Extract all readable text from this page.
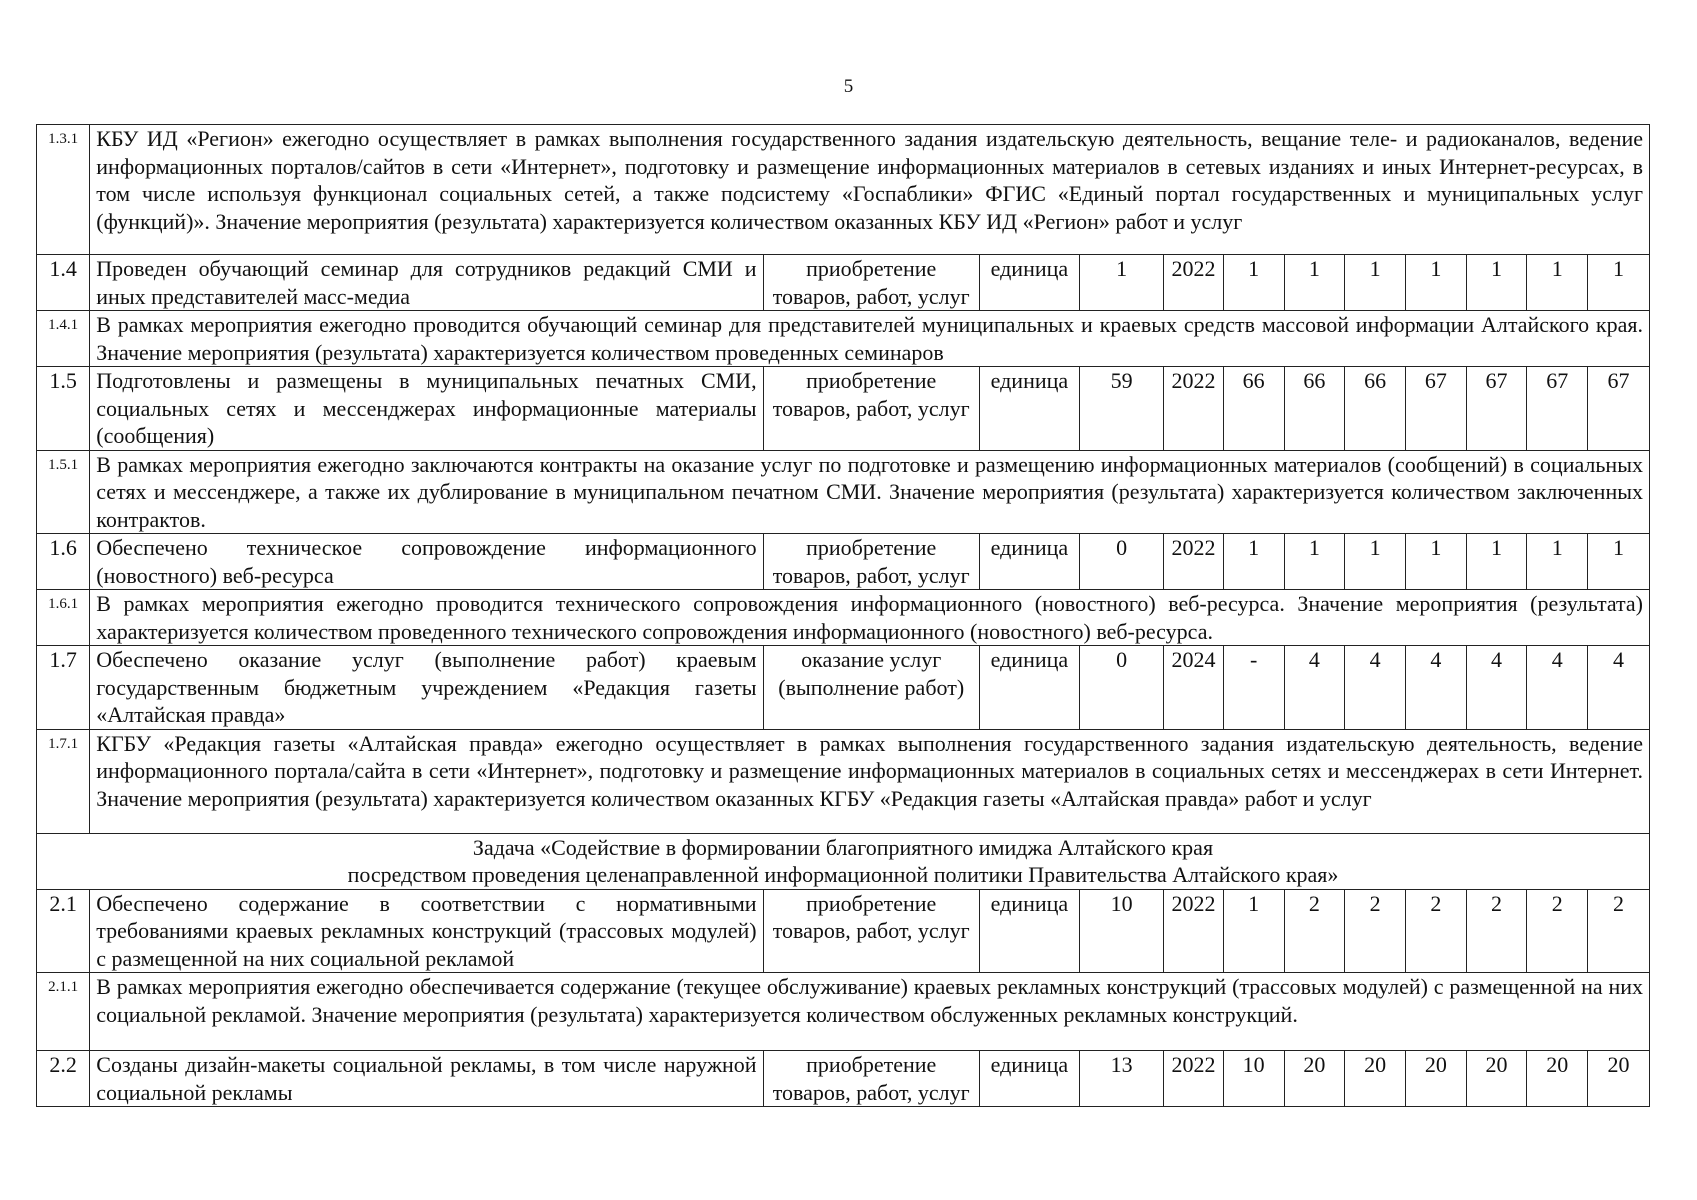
5
1.3.1	КБУ ИД «Регион» ежегодно осуществляет в рамках выполнения государственного задания издательскую деятельность, вещание теле- и радиоканалов, ведение информационных порталов/сайтов в сети «Интернет», подготовку и размещение информационных материалов в сетевых изданиях и иных Интернет-ресурсах, в том числе используя функционал социальных сетей, а также подсистему «Госпаблики» ФГИС «Единый портал государственных и муниципальных услуг (функций)». Значение мероприятия (результата) характеризуется количеством оказанных КБУ ИД «Регион» работ и услуг											
1.4	Проведен обучающий семинар для сотрудников редакций СМИ и иных представителей масс-медиа	приобретение товаров, работ, услуг	единица	1	2022	1	1	1	1	1	1	1
1.4.1	В рамках мероприятия ежегодно проводится обучающий семинар для представителей муниципальных и краевых средств массовой информации Алтайского края. Значение мероприятия (результата) характеризуется количеством проведенных семинаров											
1.5	Подготовлены и размещены в муниципальных печатных СМИ, социальных сетях и мессенджерах информационные материалы (сообщения)	приобретение товаров, работ, услуг	единица	59	2022	66	66	66	67	67	67	67
1.5.1	В рамках мероприятия ежегодно заключаются контракты на оказание услуг по подготовке и размещению информационных материалов (сообщений) в социальных сетях и мессенджере, а также их дублирование в муниципальном печатном СМИ. Значение мероприятия (результата) характеризуется количеством заключенных контрактов.											
1.6	Обеспечено техническое сопровождение информационного (новостного) веб-ресурса	приобретение товаров, работ, услуг	единица	0	2022	1	1	1	1	1	1	1
1.6.1	В рамках мероприятия ежегодно проводится технического сопровождения информационного (новостного) веб-ресурса. Значение мероприятия (результата) характеризуется количеством проведенного технического сопровождения информационного (новостного) веб-ресурса.											
1.7	Обеспечено оказание услуг (выполнение работ) краевым государственным бюджетным учреждением «Редакция газеты «Алтайская правда»	оказание услуг (выполнение работ)	единица	0	2024	-	4	4	4	4	4	4
1.7.1	КГБУ «Редакция газеты «Алтайская правда» ежегодно осуществляет в рамках выполнения государственного задания издательскую деятельность, ведение информационного портала/сайта в сети «Интернет», подготовку и размещение информационных материалов в социальных сетях и мессенджерах в сети Интернет. Значение мероприятия (результата) характеризуется количеством оказанных КГБУ «Редакция газеты «Алтайская правда» работ и услуг											

Задача «Содействие в формировании благоприятного имиджа Алтайского края
посредством проведения целенаправленной информационной политики Правительства Алтайского края»												

2.1	Обеспечено содержание в соответствии с нормативными требованиями краевых рекламных конструкций (трассовых модулей) с размещенной на них социальной рекламой	приобретение товаров, работ, услуг	единица	10	2022	1	2	2	2	2	2	2
2.1.1	В рамках мероприятия ежегодно обеспечивается содержание (текущее обслуживание) краевых рекламных конструкций (трассовых модулей) с размещенной на них социальной рекламой. Значение мероприятия (результата) характеризуется количеством обслуженных рекламных конструкций.											
2.2	Созданы дизайн-макеты социальной рекламы, в том числе наружной социальной рекламы	приобретение товаров, работ, услуг	единица	13	2022	10	20	20	20	20	20	20
